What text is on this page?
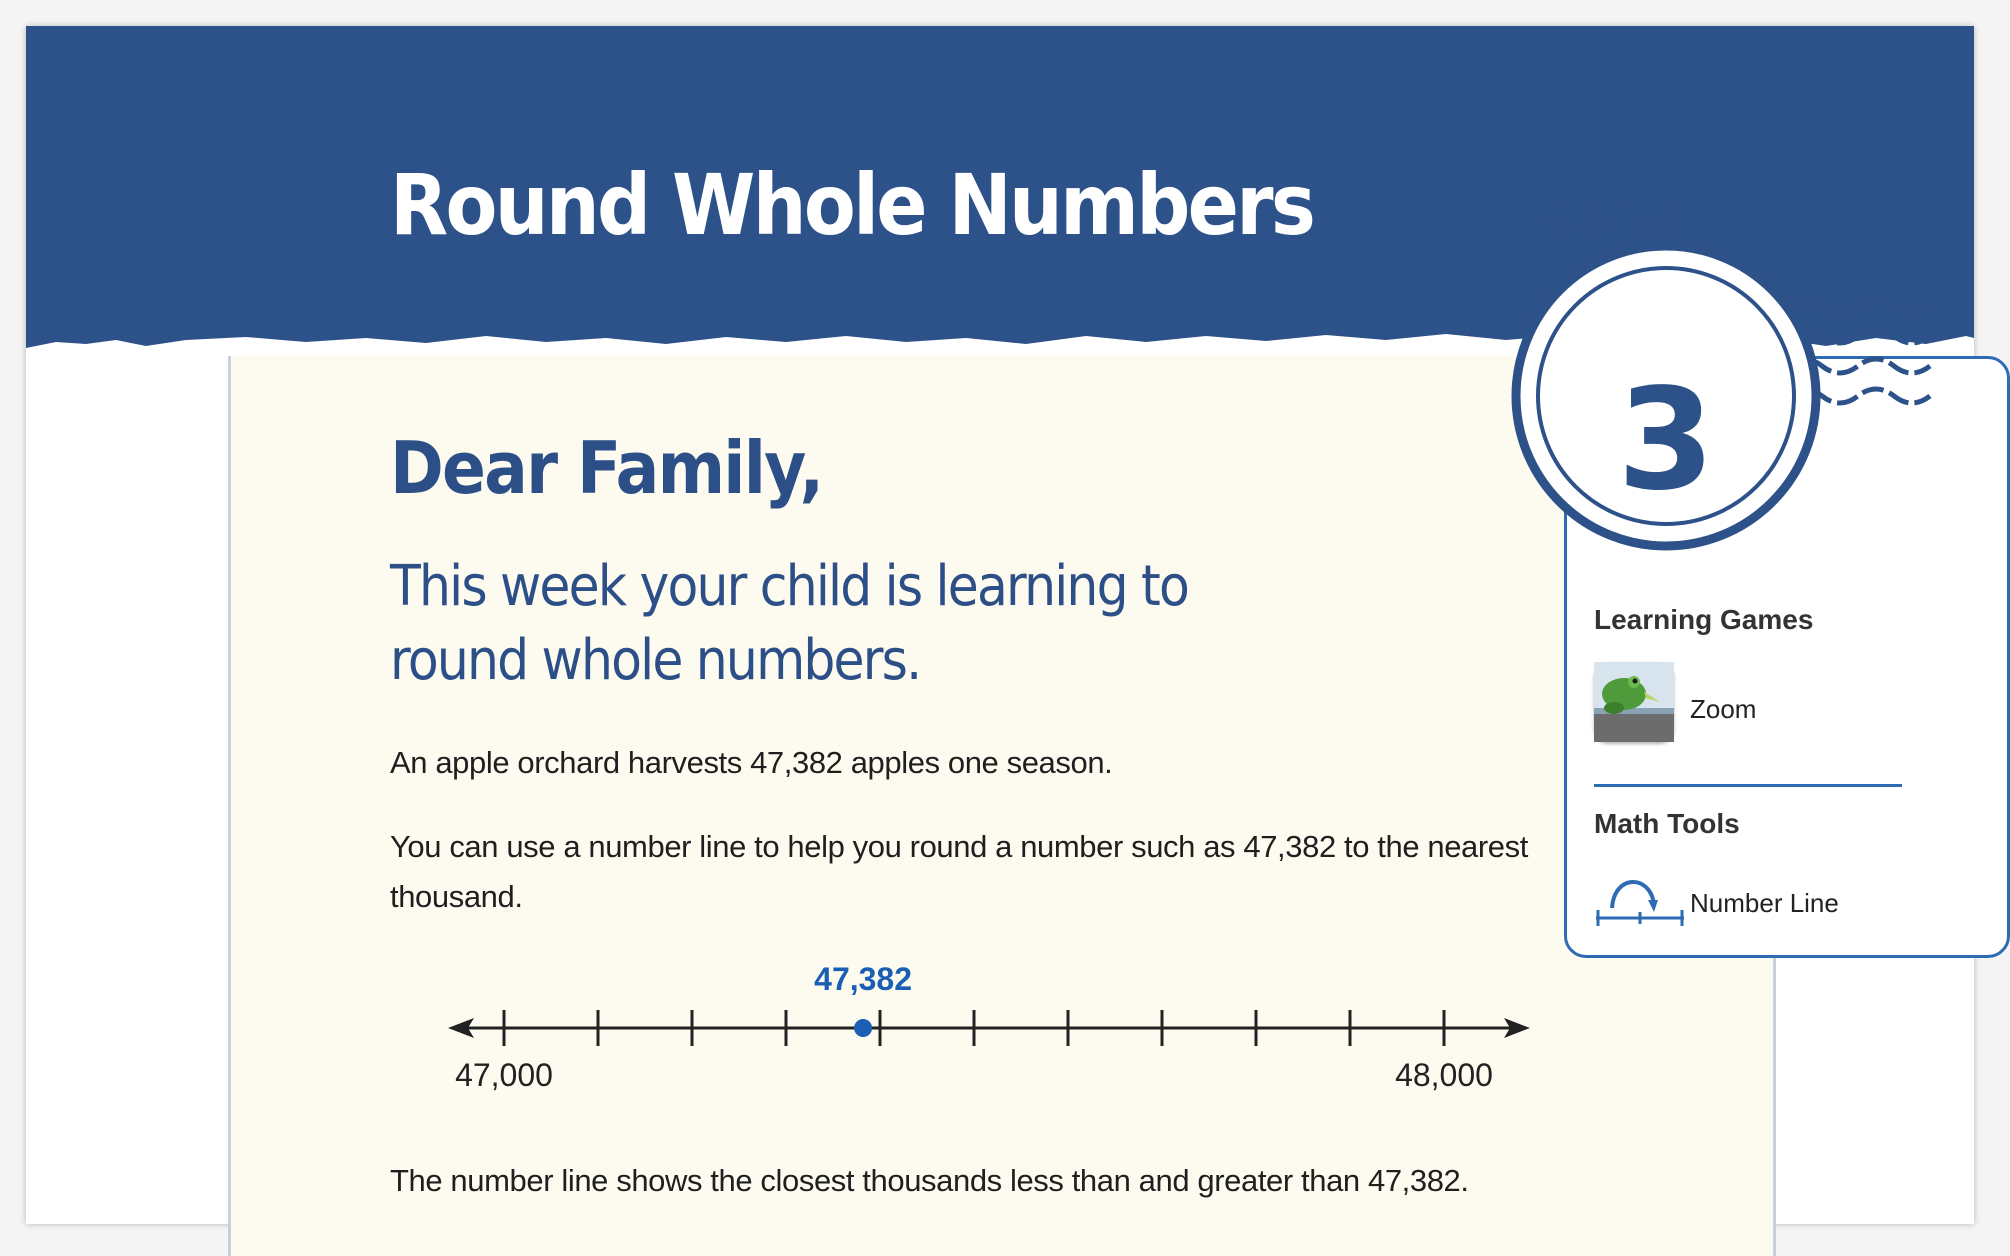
Round Whole Numbers
Dear Family,

This week your child is learning to round whole numbers.

An apple orchard harvests 47,382 apples one season.

You can use a number line to help you round a number such as 47,382 to the nearest thousand.

47,382
47,000	48,000

The number line shows the closest thousands less than and greater than 47,382.

Learning Games
Zoom
Math Tools
Number Line
LESSON
3
